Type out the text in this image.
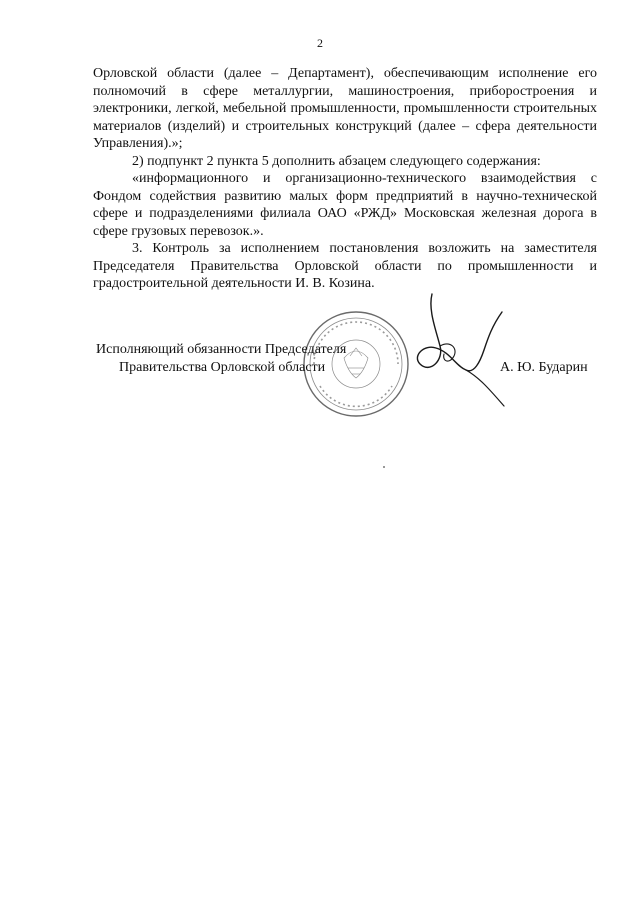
2

Орловской области (далее – Департамент), обеспечивающим исполнение его полномочий в сфере металлургии, машиностроения, приборостроения и электроники, легкой, мебельной промышленности, промышленности строительных материалов (изделий) и строительных конструкций (далее – сфера деятельности Управления).»;

2) подпункт 2 пункта 5 дополнить абзацем следующего содержания:

«информационного и организационно-технического взаимодействия с Фондом содействия развитию малых форм предприятий в научно-технической сфере и подразделениями филиала ОАО «РЖД» Московская железная дорога в сфере грузовых перевозок.».

3. Контроль за исполнением постановления возложить на заместителя Председателя Правительства Орловской области по промышленности и градостроительной деятельности И. В. Козина.

Исполняющий обязанности Председателя
Правительства Орловской области	А. Ю. Бударин
